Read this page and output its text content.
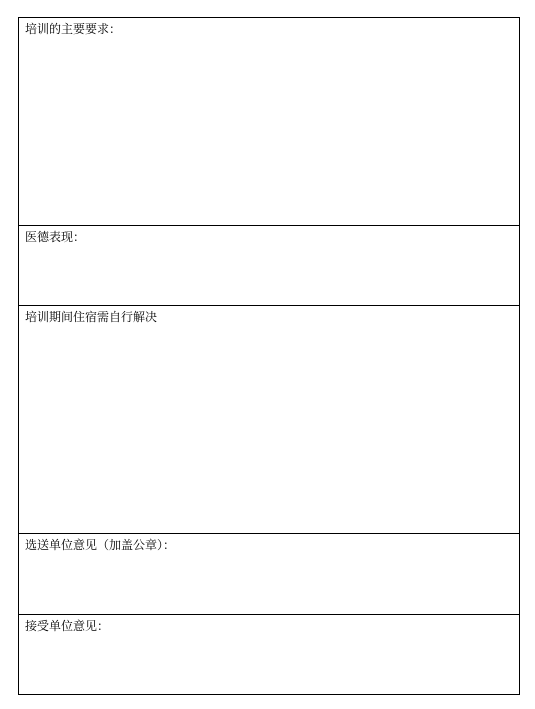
培训的主要要求：
医德表现：
培训期间住宿需自行解决
选送单位意见（加盖公章）：
接受单位意见：
